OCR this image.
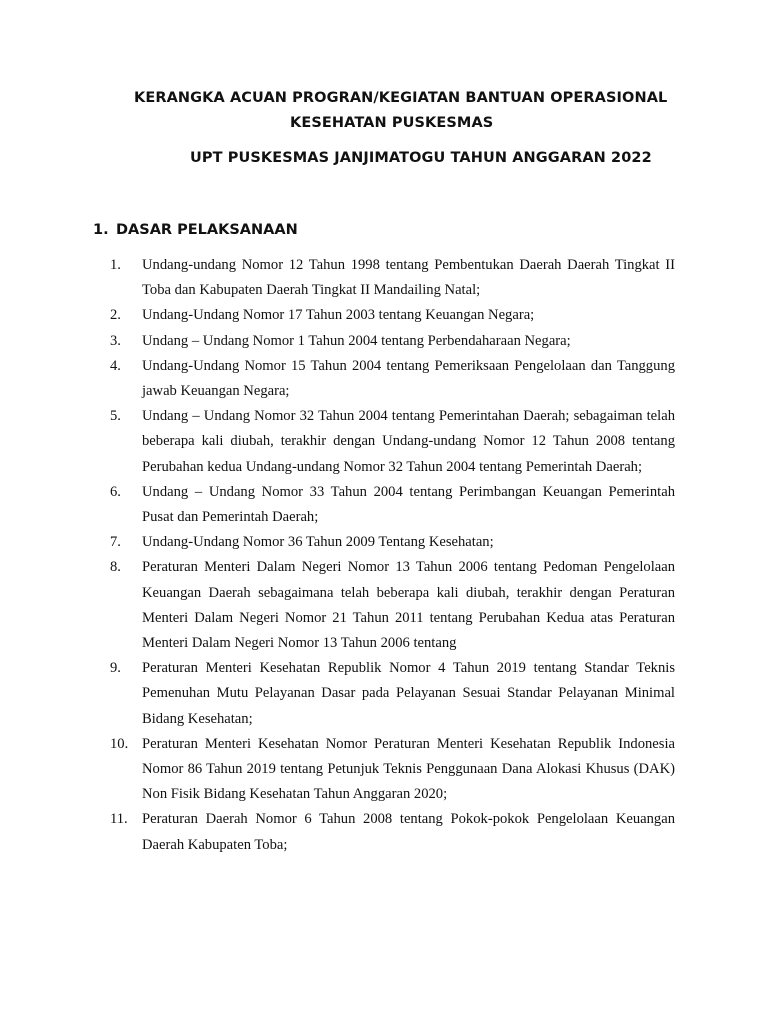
KERANGKA ACUAN PROGRAN/KEGIATAN BANTUAN OPERASIONAL
KESEHATAN PUSKESMAS
UPT PUSKESMAS JANJIMATOGU TAHUN ANGGARAN 2022
1. DASAR PELAKSANAAN
1.	Undang-undang Nomor 12 Tahun 1998 tentang Pembentukan Daerah Daerah Tingkat II Toba dan Kabupaten Daerah Tingkat II Mandailing Natal;
2.	Undang-Undang Nomor 17 Tahun 2003 tentang Keuangan Negara;
3.	Undang – Undang Nomor 1 Tahun 2004 tentang Perbendaharaan Negara;
4.	Undang-Undang Nomor 15 Tahun 2004 tentang Pemeriksaan Pengelolaan dan Tanggung jawab Keuangan Negara;
5.	Undang – Undang Nomor 32 Tahun 2004 tentang Pemerintahan Daerah; sebagaiman telah beberapa kali diubah, terakhir dengan Undang-undang Nomor 12 Tahun 2008 tentang Perubahan kedua Undang-undang Nomor 32 Tahun 2004 tentang Pemerintah Daerah;
6.	Undang – Undang Nomor 33 Tahun 2004 tentang Perimbangan Keuangan Pemerintah Pusat dan Pemerintah Daerah;
7.	Undang-Undang Nomor 36 Tahun 2009 Tentang Kesehatan;
8.	Peraturan Menteri Dalam Negeri Nomor 13 Tahun 2006 tentang Pedoman Pengelolaan Keuangan Daerah sebagaimana telah beberapa kali diubah, terakhir dengan Peraturan Menteri Dalam Negeri Nomor 21 Tahun 2011 tentang Perubahan Kedua atas Peraturan Menteri Dalam Negeri Nomor 13 Tahun 2006 tentang
9.	Peraturan Menteri Kesehatan Republik Nomor 4 Tahun 2019 tentang Standar Teknis Pemenuhan Mutu Pelayanan Dasar pada Pelayanan Sesuai Standar Pelayanan Minimal Bidang Kesehatan;
10. Peraturan Menteri Kesehatan Nomor Peraturan Menteri Kesehatan Republik Indonesia Nomor 86 Tahun 2019 tentang Petunjuk Teknis Penggunaan Dana Alokasi Khusus (DAK) Non Fisik Bidang Kesehatan Tahun Anggaran 2020;
11. Peraturan Daerah Nomor 6 Tahun 2008 tentang Pokok-pokok Pengelolaan Keuangan Daerah Kabupaten Toba;
